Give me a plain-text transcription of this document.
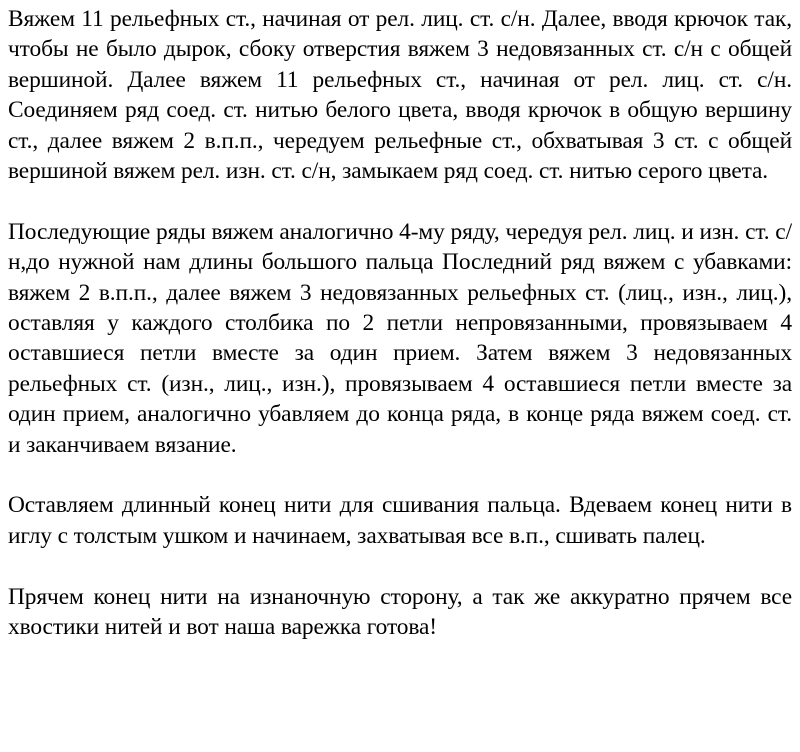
Вяжем 11 рельефных ст., начиная от рел. лиц. ст. с/н. Далее, вводя крючок так, чтобы не было дырок, сбоку отверстия вяжем 3 недовязанных ст. с/н с общей вершиной. Далее вяжем 11 рельефных ст., начиная от рел. лиц. ст. с/н. Соединяем ряд соед. ст. нитью белого цвета, вводя крючок в общую вершину ст., далее вяжем 2 в.п.п., чередуем рельефные ст., обхватывая 3 ст. с общей вершиной вяжем рел. изн. ст. с/н, замыкаем ряд соед. ст. нитью серого цвета.

Последующие ряды вяжем аналогично 4-му ряду, чередуя рел. лиц. и изн. ст. с/н,до нужной нам длины большого пальца Последний ряд вяжем с убавками: вяжем 2 в.п.п., далее вяжем 3 недовязанных рельефных ст. (лиц., изн., лиц.), оставляя у каждого столбика по 2 петли непровязанными, провязываем 4 оставшиеся петли вместе за один прием. Затем вяжем 3 недовязанных рельефных ст. (изн., лиц., изн.), провязываем 4 оставшиеся петли вместе за один прием, аналогично убавляем до конца ряда, в конце ряда вяжем соед. ст. и заканчиваем вязание.

Оставляем длинный конец нити для сшивания пальца. Вдеваем конец нити в иглу с толстым ушком и начинаем, захватывая все в.п., сшивать палец.

Прячем конец нити на изнаночную сторону, а так же аккуратно прячем все хвостики нитей и вот наша варежка готова!
